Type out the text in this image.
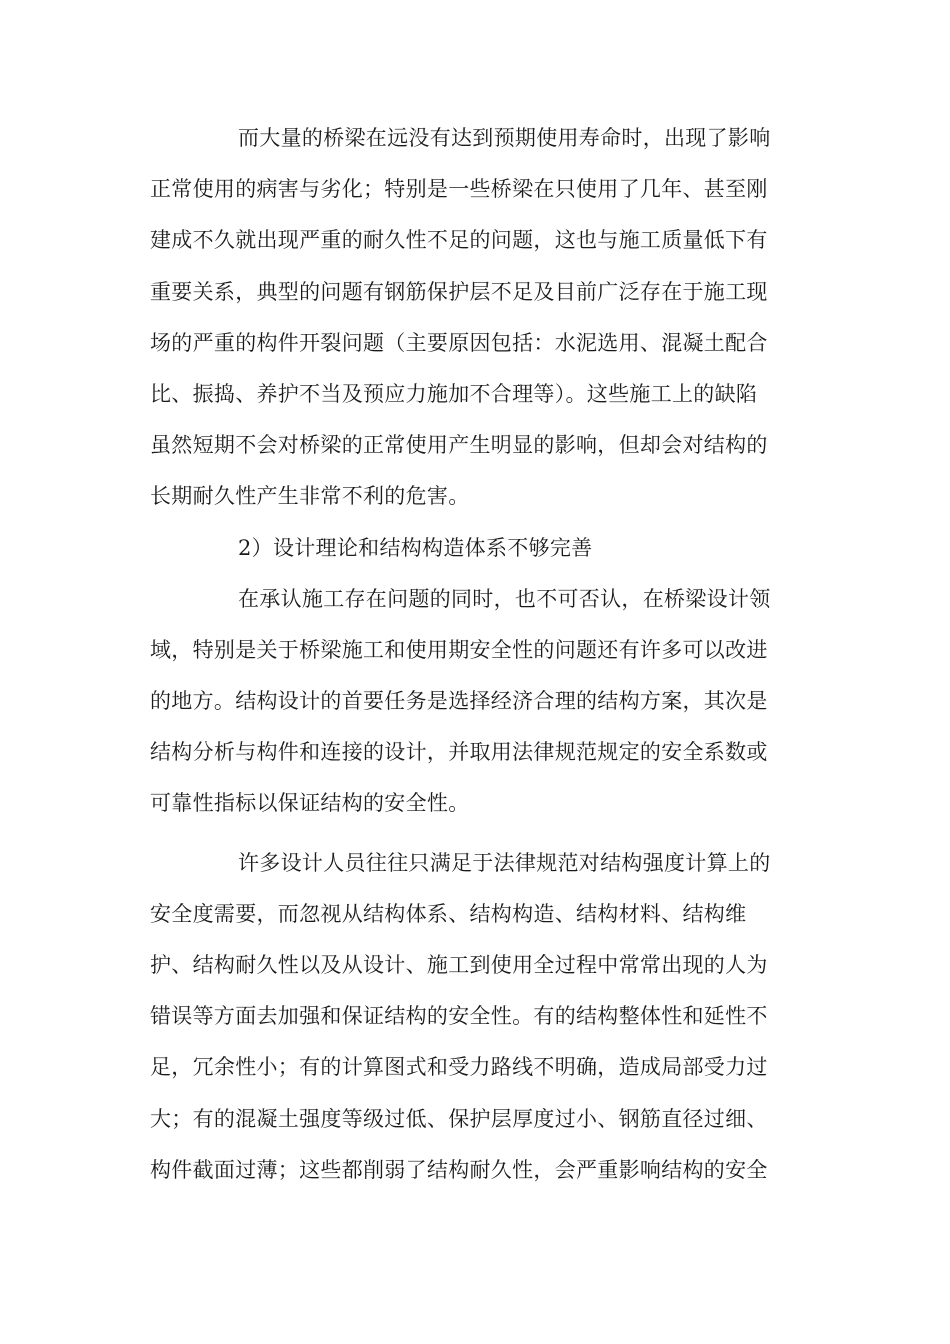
而大量的桥梁在远没有达到预期使用寿命时，出现了影响
正常使用的病害与劣化；特别是一些桥梁在只使用了几年、甚至刚
建成不久就出现严重的耐久性不足的问题，这也与施工质量低下有
重要关系，典型的问题有钢筋保护层不足及目前广泛存在于施工现
场的严重的构件开裂问题（主要原因包括：水泥选用、混凝土配合
比、振捣、养护不当及预应力施加不合理等）。这些施工上的缺陷
虽然短期不会对桥梁的正常使用产生明显的影响，但却会对结构的
长期耐久性产生非常不利的危害。
2）设计理论和结构构造体系不够完善
在承认施工存在问题的同时，也不可否认，在桥梁设计领
域，特别是关于桥梁施工和使用期安全性的问题还有许多可以改进
的地方。结构设计的首要任务是选择经济合理的结构方案，其次是
结构分析与构件和连接的设计，并取用法律规范规定的安全系数或
可靠性指标以保证结构的安全性。
许多设计人员往往只满足于法律规范对结构强度计算上的
安全度需要，而忽视从结构体系、结构构造、结构材料、结构维
护、结构耐久性以及从设计、施工到使用全过程中常常出现的人为
错误等方面去加强和保证结构的安全性。有的结构整体性和延性不
足，冗余性小；有的计算图式和受力路线不明确，造成局部受力过
大；有的混凝土强度等级过低、保护层厚度过小、钢筋直径过细、
构件截面过薄；这些都削弱了结构耐久性，会严重影响结构的安全
